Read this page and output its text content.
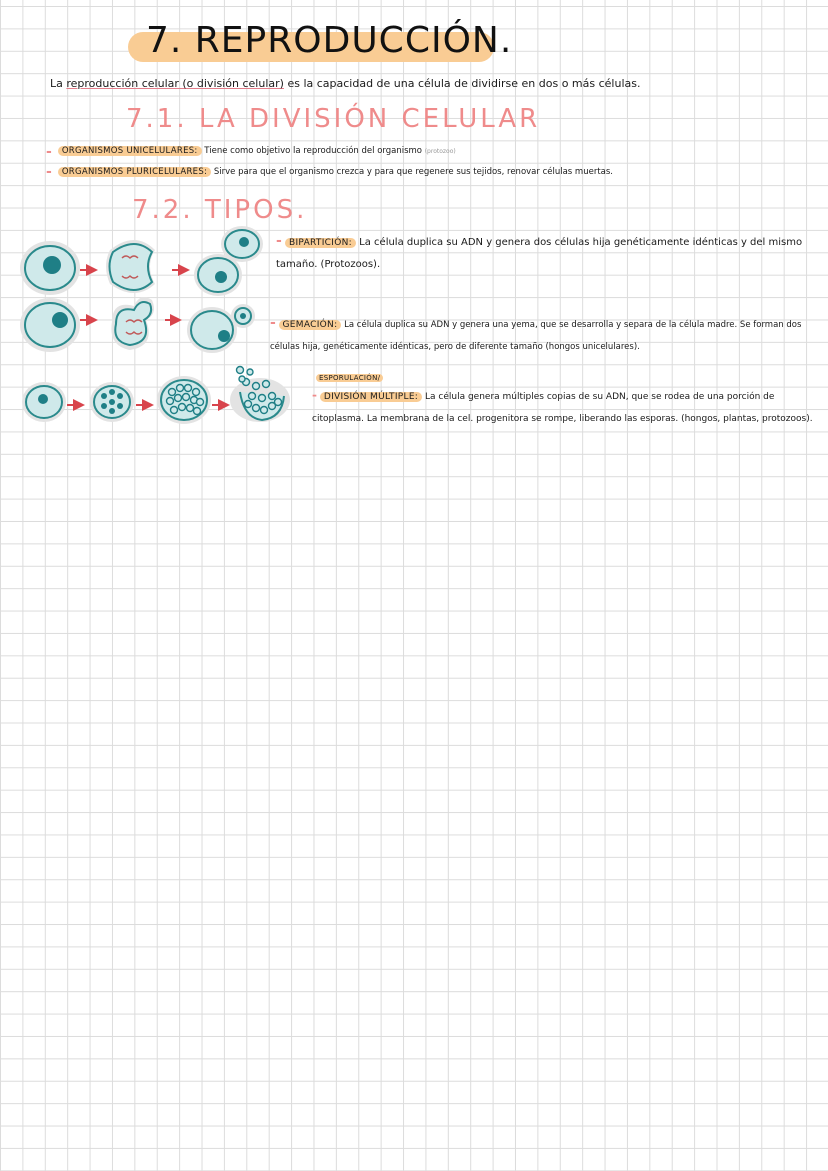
7. REPRODUCCIÓN.
La reproducción celular (o división celular) es la capacidad de una célula de dividirse en dos o más células.
7.1. LA DIVISIÓN CELULAR
-	ORGANISMOS UNICELULARES: Tiene como objetivo la reproducción del organismo (protozoo)
-	ORGANISMOS PLURICELULARES: Sirve para que el organismo crezca y para que regenere sus tejidos, renovar células muertas.
7.2. TIPOS.
- BIPARTICIÓN: La célula duplica su ADN y genera dos células hija genéticamente idénticas y del mismo tamaño. (Protozoos).
- GEMACIÓN: La célula duplica su ADN y genera una yema, que se desarrolla y separa de la célula madre. Se forman dos células hija, genéticamente idénticas, pero de diferente tamaño (hongos unicelulares).
ESPORULACIÓN/
- DIVISIÓN MÚLTIPLE: La célula genera múltiples copias de su ADN, que se rodea de una porción de citoplasma. La membrana de la cel. progenitora se rompe, liberando las esporas. (hongos, plantas, protozoos).
